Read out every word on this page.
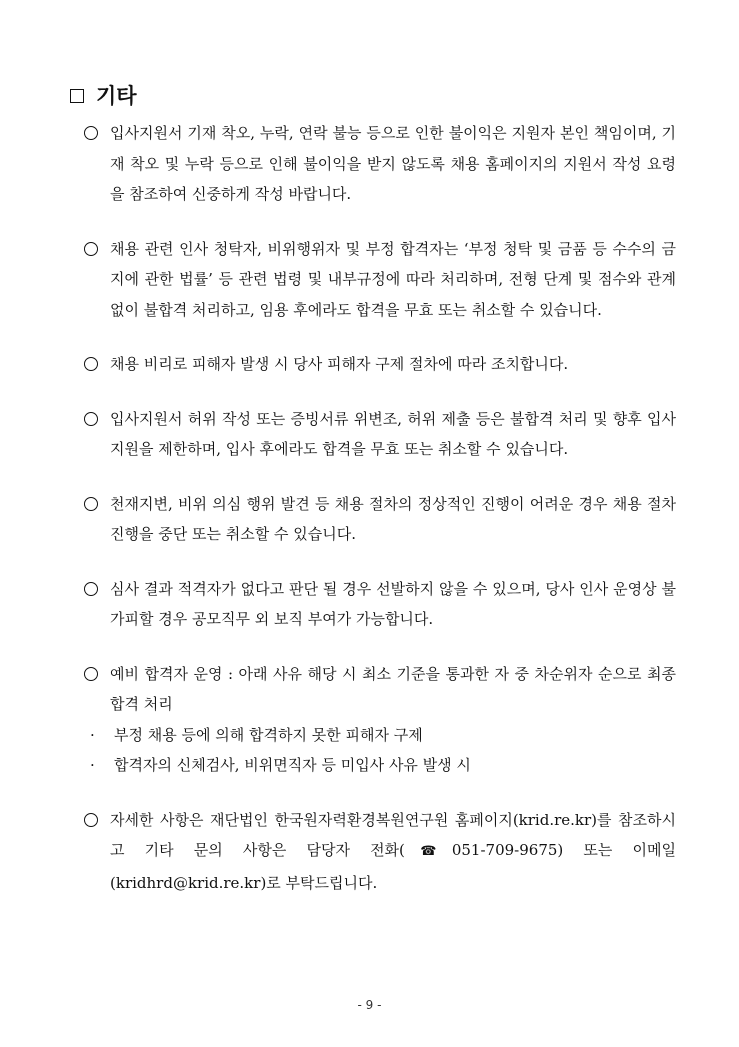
기타
입사지원서 기재 착오, 누락, 연락 불능 등으로 인한 불이익은 지원자 본인 책임이며, 기재 착오 및 누락 등으로 인해 불이익을 받지 않도록 채용 홈페이지의 지원서 작성 요령을 참조하여 신중하게 작성 바랍니다.
채용 관련 인사 청탁자, 비위행위자 및 부정 합격자는 ‘부정 청탁 및 금품 등 수수의 금지에 관한 법률’ 등 관련 법령 및 내부규정에 따라 처리하며, 전형 단계 및 점수와 관계없이 불합격 처리하고, 임용 후에라도 합격을 무효 또는 취소할 수 있습니다.
채용 비리로 피해자 발생 시 당사 피해자 구제 절차에 따라 조치합니다.
입사지원서 허위 작성 또는 증빙서류 위변조, 허위 제출 등은 불합격 처리 및 향후 입사 지원을 제한하며, 입사 후에라도 합격을 무효 또는 취소할 수 있습니다.
천재지변, 비위 의심 행위 발견 등 채용 절차의 정상적인 진행이 어려운 경우 채용 절차 진행을 중단 또는 취소할 수 있습니다.
심사 결과 적격자가 없다고 판단 될 경우 선발하지 않을 수 있으며, 당사 인사 운영상 불가피할 경우 공모직무 외 보직 부여가 가능합니다.
예비 합격자 운영 : 아래 사유 해당 시 최소 기준을 통과한 자 중 차순위자 순으로 최종 합격 처리
· 부정 채용 등에 의해 합격하지 못한 피해자 구제
· 합격자의 신체검사, 비위면직자 등 미입사 사유 발생 시
자세한 사항은 재단법인 한국원자력환경복원연구원 홈페이지(krid.re.kr)를 참조하시고 기타 문의 사항은 담당자 전화(☎051-709-9675) 또는 이메일(kridhrd@krid.re.kr)로 부탁드립니다.
- 9 -
